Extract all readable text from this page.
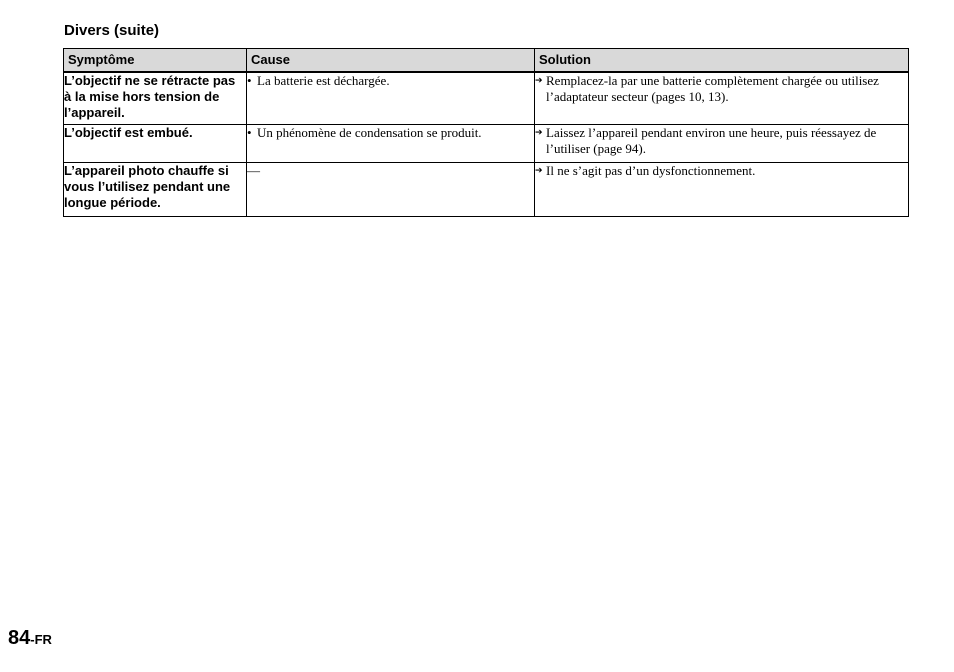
Divers (suite)
Symptôme	Cause	Solution
L’objectif ne se rétracte pas à la mise hors tension de l’appareil.	• La batterie est déchargée.	➔ Remplacez-la par une batterie complètement chargée ou utilisez l’adaptateur secteur (pages 10, 13).

L’objectif est embué.	• Un phénomène de condensation se produit.	➔ Laissez l’appareil pendant environ une heure, puis réessayez de l’utiliser (page 94).

L’appareil photo chauffe si vous l’utilisez pendant une longue période.	—	➔ Il ne s’agit pas d’un dysfonctionnement.
84-FR
